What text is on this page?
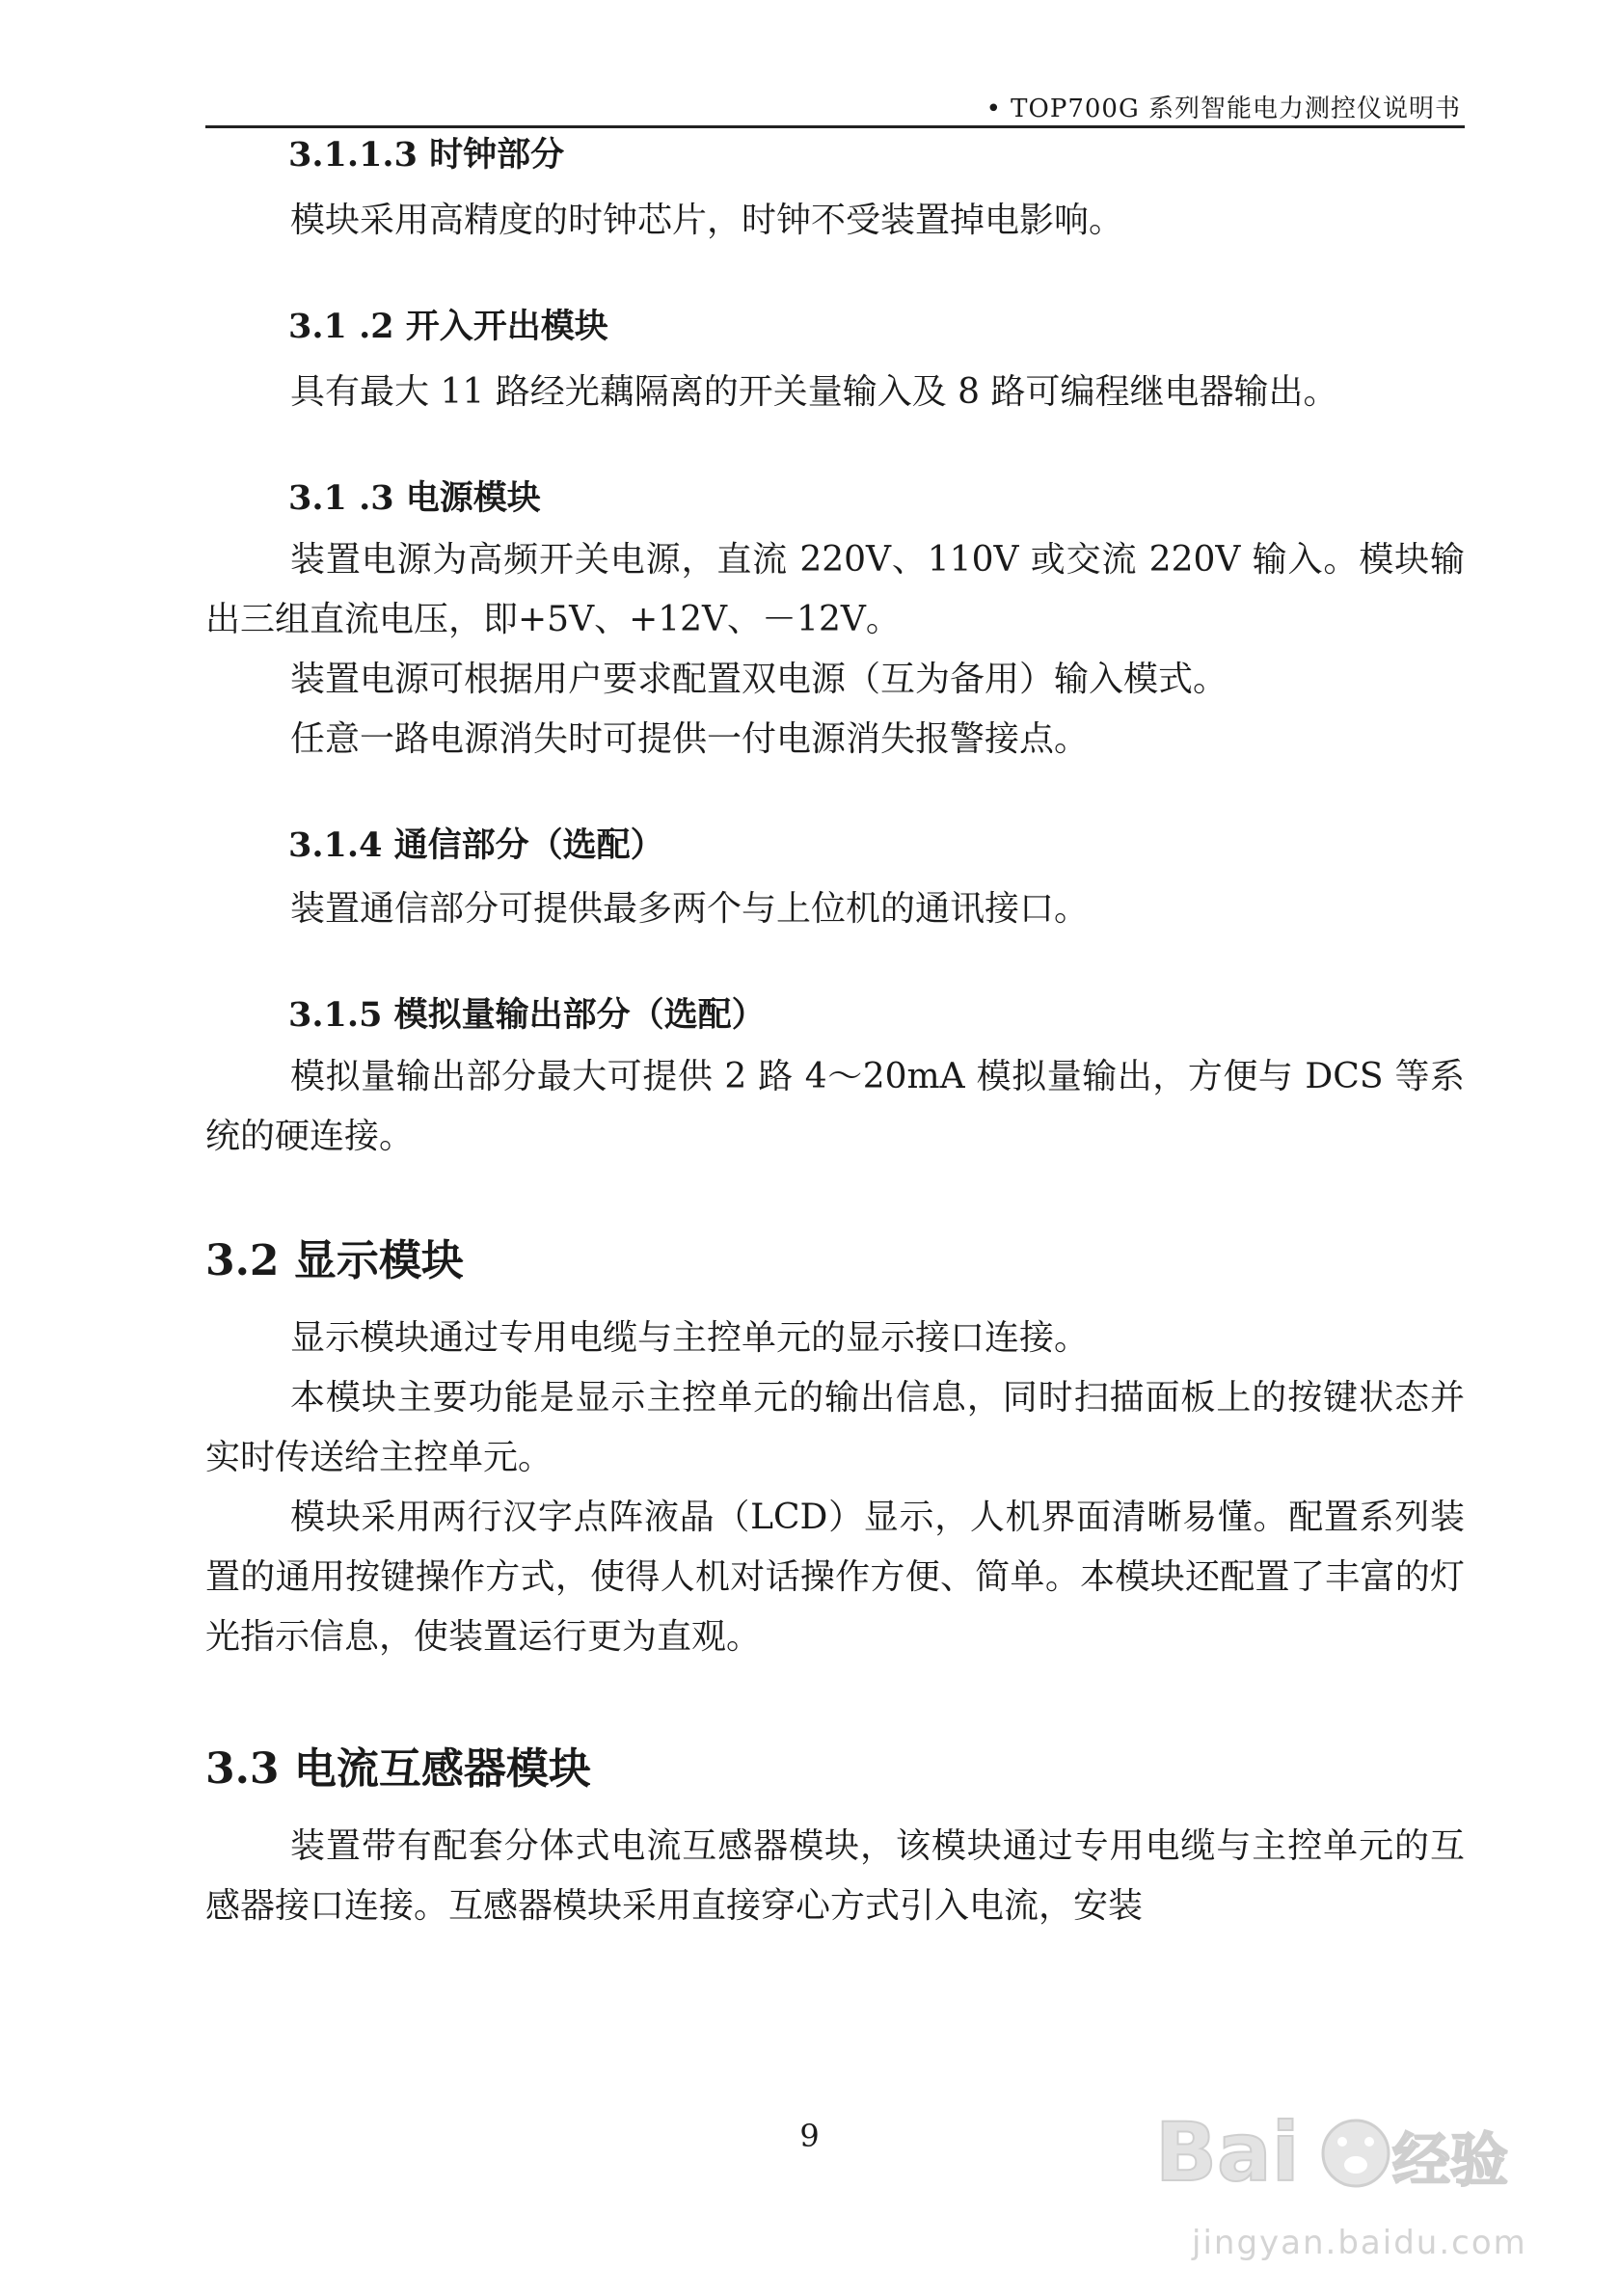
• TOP700G 系列智能电力测控仪说明书
3.1.1.3 时钟部分

模块采用高精度的时钟芯片，时钟不受装置掉电影响。

3.1 .2 开入开出模块

具有最大 11 路经光藕隔离的开关量输入及 8 路可编程继电器输出。

3.1 .3 电源模块

装置电源为高频开关电源，直流 220V、110V 或交流 220V 输入。模块输出三组直流电压，即+5V、+12V、－12V。

装置电源可根据用户要求配置双电源（互为备用）输入模式。

任意一路电源消失时可提供一付电源消失报警接点。

3.1.4 通信部分（选配）

装置通信部分可提供最多两个与上位机的通讯接口。

3.1.5 模拟量输出部分（选配）

模拟量输出部分最大可提供 2 路 4～20mA 模拟量输出，方便与 DCS 等系统的硬连接。

3.2 显示模块

显示模块通过专用电缆与主控单元的显示接口连接。

本模块主要功能是显示主控单元的输出信息，同时扫描面板上的按键状态并实时传送给主控单元。

模块采用两行汉字点阵液晶（LCD）显示，人机界面清晰易懂。配置系列装置的通用按键操作方式，使得人机对话操作方便、简单。本模块还配置了丰富的灯光指示信息，使装置运行更为直观。

3.3 电流互感器模块

装置带有配套分体式电流互感器模块，该模块通过专用电缆与主控单元的互感器接口连接。互感器模块采用直接穿心方式引入电流，安装

9	Bai 经验
jingyan.baidu.com
